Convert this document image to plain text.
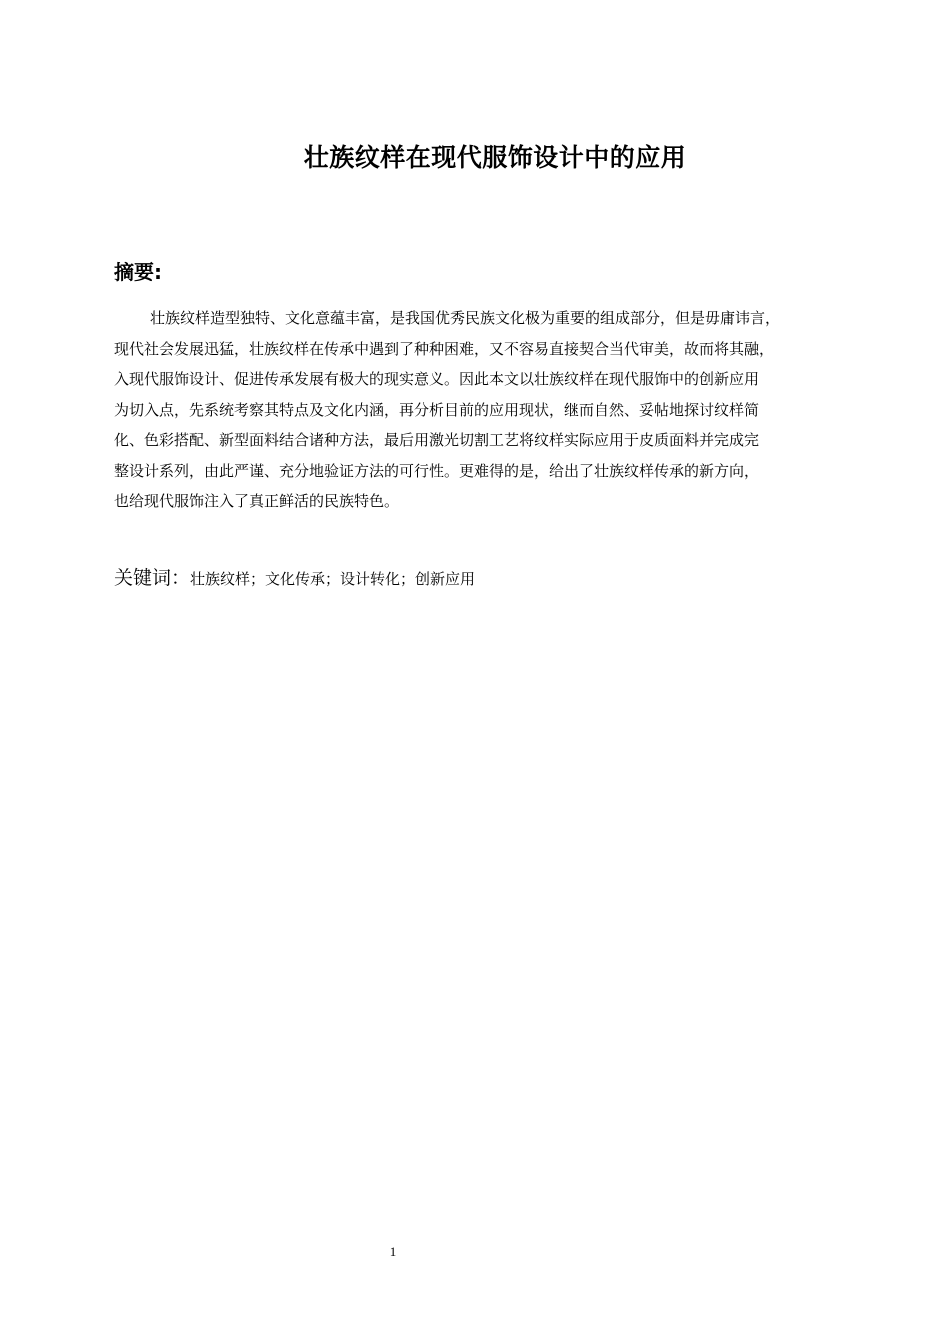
壮族纹样在现代服饰设计中的应用
摘要:
壮族纹样造型独特、文化意蕴丰富，是我国优秀民族文化极为重要的组成部分，但是毋庸讳言，
现代社会发展迅猛，壮族纹样在传承中遇到了种种困难，又不容易直接契合当代审美，故而将其融，
入现代服饰设计、促进传承发展有极大的现实意义。因此本文以壮族纹样在现代服饰中的创新应用
为切入点，先系统考察其特点及文化内涵，再分析目前的应用现状，继而自然、妥帖地探讨纹样简
化、色彩搭配、新型面料结合诸种方法，最后用激光切割工艺将纹样实际应用于皮质面料并完成完
整设计系列，由此严谨、充分地验证方法的可行性。更难得的是，给出了壮族纹样传承的新方向，
也给现代服饰注入了真正鲜活的民族特色。
关键词：壮族纹样；文化传承；设计转化；创新应用
1
